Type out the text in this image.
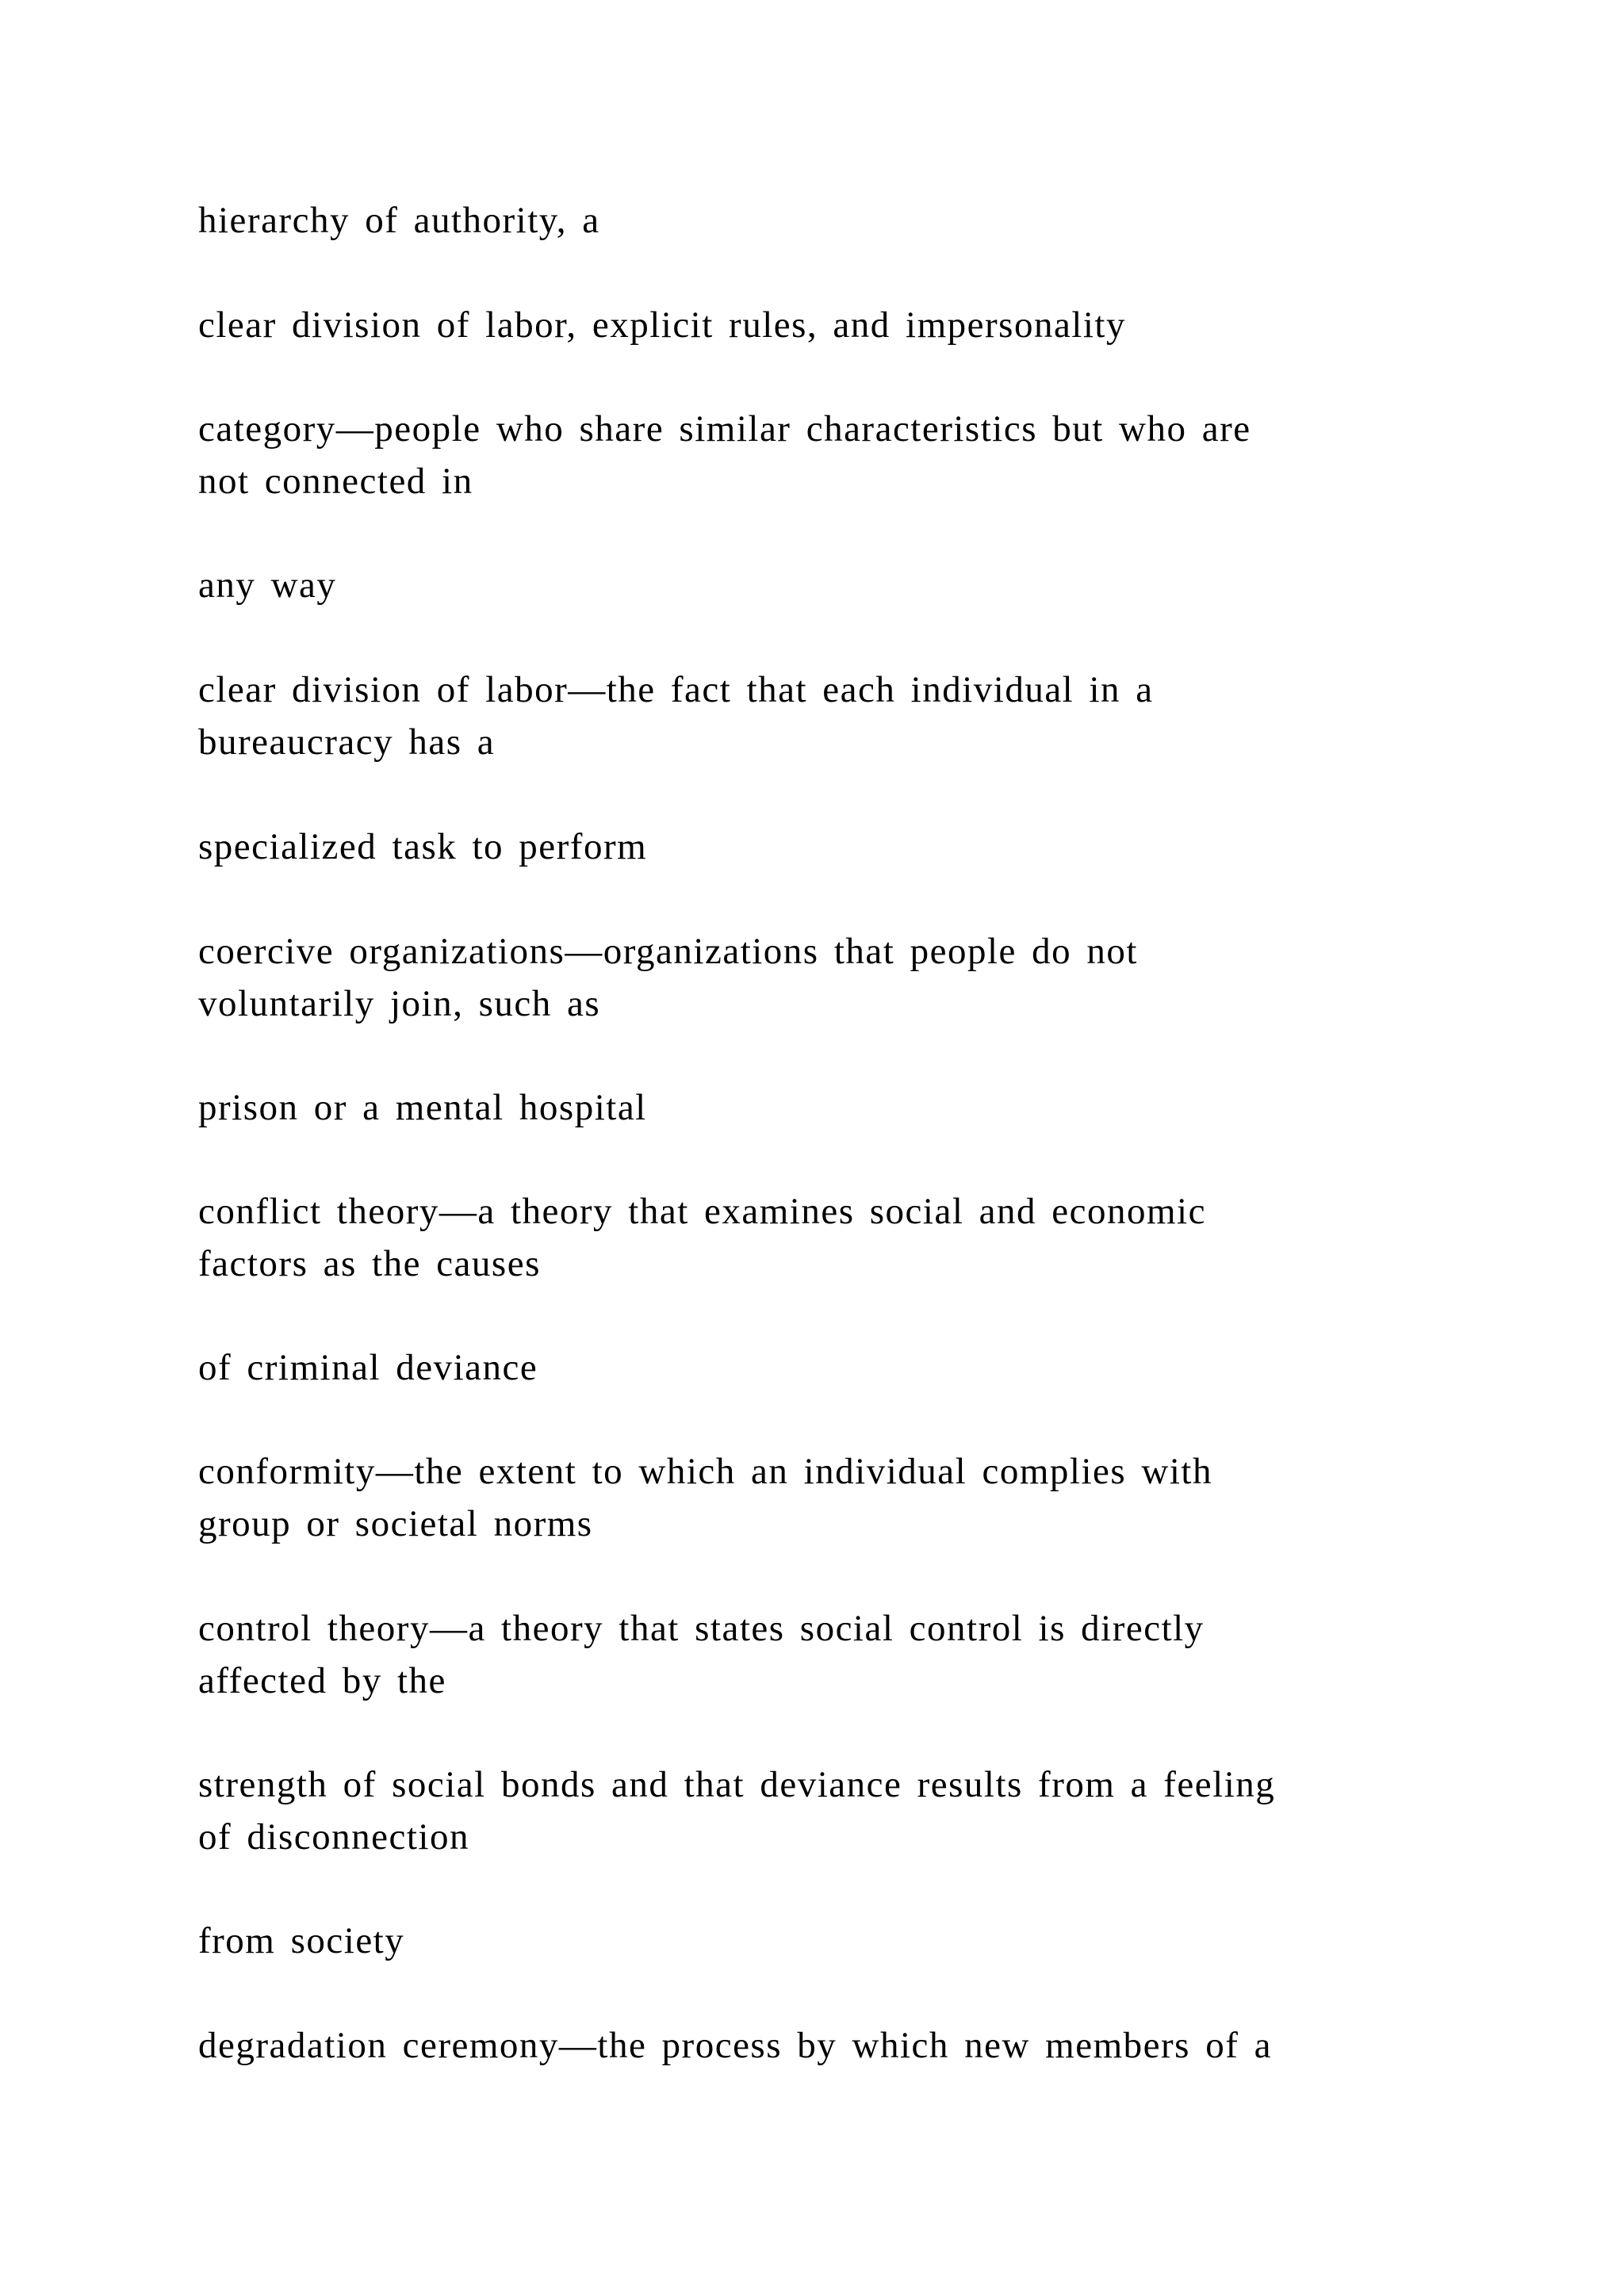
hierarchy of authority, a

clear division of labor, explicit rules, and impersonality

category—people who share similar characteristics but who are
not connected in

any way

clear division of labor—the fact that each individual in a
bureaucracy has a

specialized task to perform

coercive organizations—organizations that people do not
voluntarily join, such as

prison or a mental hospital

conflict theory—a theory that examines social and economic
factors as the causes

of criminal deviance

conformity—the extent to which an individual complies with
group or societal norms

control theory—a theory that states social control is directly
affected by the

strength of social bonds and that deviance results from a feeling
of disconnection

from society

degradation ceremony—the process by which new members of a
